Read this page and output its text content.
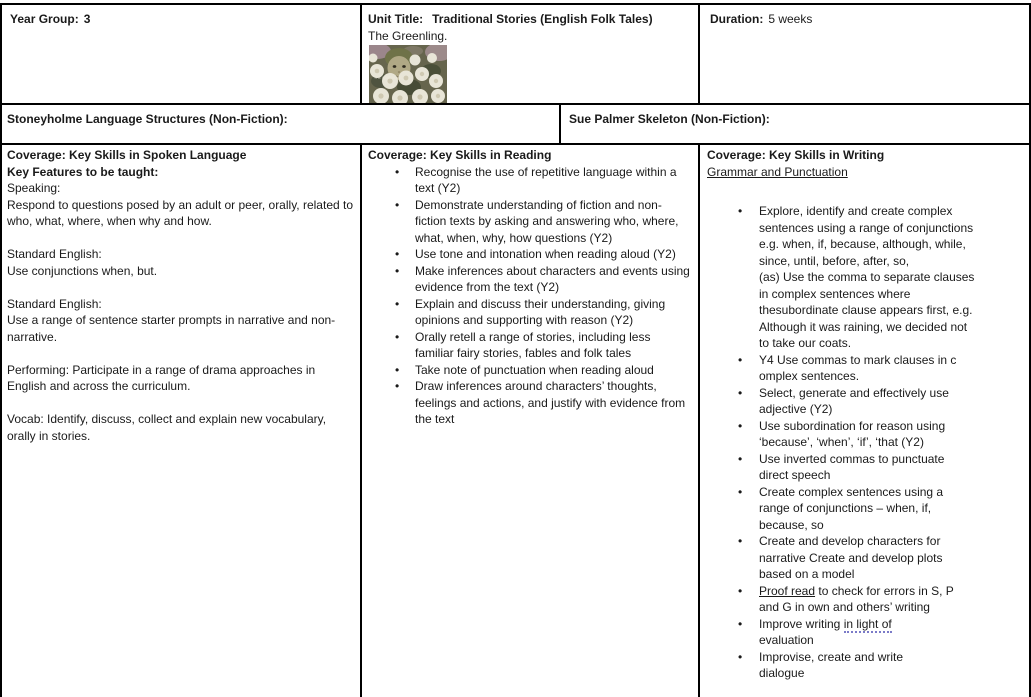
Year Group: 3	Unit Title: Traditional Stories (English Folk Tales)
The Greenling.
THE GREENLING
Duration: 5 weeks
Stoneyholme Language Structures (Non-Fiction):	Sue Palmer Skeleton (Non-Fiction):
Coverage: Key Skills in Spoken Language
Key Features to be taught:
Speaking:
Respond to questions posed by an adult or peer, orally, related to who, what, where, when why and how.
Standard English:
Use conjunctions when, but.
Standard English:
Use a range of sentence starter prompts in narrative and non-narrative.
Performing: Participate in a range of drama approaches in English and across the curriculum.
Vocab: Identify, discuss, collect and explain new vocabulary, orally in stories.
Coverage: Key Skills in Reading
• Recognise the use of repetitive language within a text (Y2)
• Demonstrate understanding of fiction and non-fiction texts by asking and answering who, where, what, when, why, how questions (Y2)
• Use tone and intonation when reading aloud (Y2)
• Make inferences about characters and events using evidence from the text (Y2)
• Explain and discuss their understanding, giving opinions and supporting with reason (Y2)
• Orally retell a range of stories, including less familiar fairy stories, fables and folk tales
• Take note of punctuation when reading aloud
• Draw inferences around characters’ thoughts, feelings and actions, and justify with evidence from the text
Coverage: Key Skills in Writing
Grammar and Punctuation
• Explore, identify and create complex sentences using a range of conjunctions e.g. when, if, because, although, while, since, until, before, after, so,
(as) Use the comma to separate clauses in complex sentences where thesubordinate clause appears first, e.g. Although it was raining, we decided not to take our coats.
• Y4 Use commas to mark clauses in c omplex sentences.
• Select, generate and effectively use adjective (Y2)
• Use subordination for reason using ‘because’, ‘when’, ‘if’, ‘that (Y2)
• Use inverted commas to punctuate direct speech
• Create complex sentences using a range of conjunctions – when, if, because, so
• Create and develop characters for narrative Create and develop plots based on a model
• Proof read to check for errors in S, P and G in own and others’ writing
• Improve writing in light of
evaluation
• Improvise, create and write
dialogue
